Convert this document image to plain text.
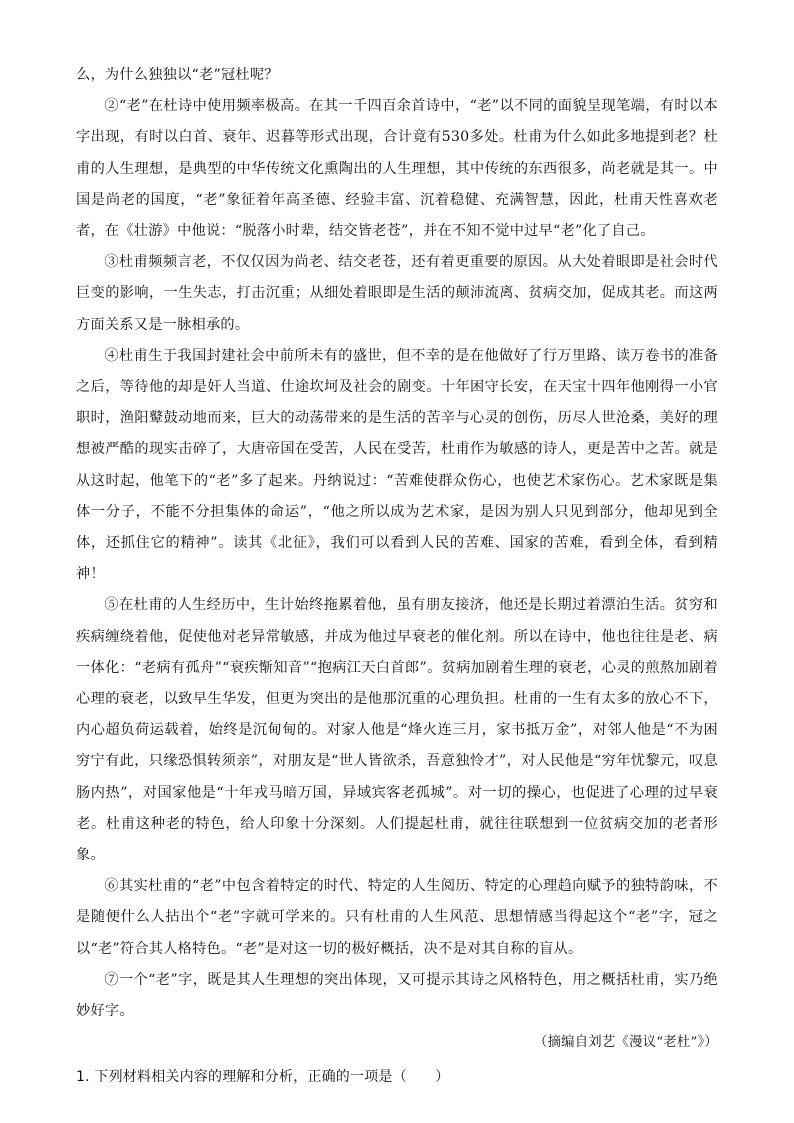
么，为什么独独以“老”冠杜呢？

②“老”在杜诗中使用频率极高。在其一千四百余首诗中，“老”以不同的面貌呈现笔端，有时以本字出现，有时以白首、衰年、迟暮等形式出现，合计竟有530多处。杜甫为什么如此多地提到老？杜甫的人生理想，是典型的中华传统文化熏陶出的人生理想，其中传统的东西很多，尚老就是其一。中国是尚老的国度，“老”象征着年高圣德、经验丰富、沉着稳健、充满智慧，因此，杜甫天性喜欢老者，在《壮游》中他说：“脱落小时辈，结交皆老苍”，并在不知不觉中过早“老”化了自己。

③杜甫频频言老，不仅仅因为尚老、结交老苍，还有着更重要的原因。从大处着眼即是社会时代巨变的影响，一生失志，打击沉重；从细处着眼即是生活的颠沛流离、贫病交加，促成其老。而这两方面关系又是一脉相承的。

④杜甫生于我国封建社会中前所未有的盛世，但不幸的是在他做好了行万里路、读万卷书的准备之后，等待他的却是奸人当道、仕途坎坷及社会的剧变。十年困守长安，在天宝十四年他刚得一小官职时，渔阳鼙鼓动地而来，巨大的动荡带来的是生活的苦辛与心灵的创伤，历尽人世沧桑，美好的理想被严酷的现实击碎了，大唐帝国在受苦，人民在受苦，杜甫作为敏感的诗人，更是苦中之苦。就是从这时起，他笔下的“老”多了起来。丹纳说过：“苦难使群众伤心，也使艺术家伤心。艺术家既是集体一分子，不能不分担集体的命运”，“他之所以成为艺术家，是因为别人只见到部分，他却见到全体，还抓住它的精神”。读其《北征》，我们可以看到人民的苦难、国家的苦难，看到全体，看到精神！

⑤在杜甫的人生经历中，生计始终拖累着他，虽有朋友接济，他还是长期过着漂泊生活。贫穷和疾病缠绕着他，促使他对老异常敏感，并成为他过早衰老的催化剂。所以在诗中，他也往往是老、病一体化：“老病有孤舟”“衰疾惭知音”“抱病江天白首郎”。贫病加剧着生理的衰老，心灵的煎熬加剧着心理的衰老，以致早生华发，但更为突出的是他那沉重的心理负担。杜甫的一生有太多的放心不下，内心超负荷运载着，始终是沉甸甸的。对家人他是“烽火连三月，家书抵万金”，对邻人他是“不为困穷宁有此，只缘恐惧转须亲”，对朋友是“世人皆欲杀，吾意独怜才”，对人民他是“穷年忧黎元，叹息肠内热”，对国家他是“十年戎马暗万国，异域宾客老孤城”。对一切的操心，也促进了心理的过早衰老。杜甫这种老的特色，给人印象十分深刻。人们提起杜甫，就往往联想到一位贫病交加的老者形象。

⑥其实杜甫的“老”中包含着特定的时代、特定的人生阅历、特定的心理趋向赋予的独特韵味，不是随便什么人拈出个“老”字就可学来的。只有杜甫的人生风范、思想情感当得起这个“老”字，冠之以“老”符合其人格特色。“老”是对这一切的极好概括，决不是对其自称的盲从。

⑦一个“老”字，既是其人生理想的突出体现，又可提示其诗之风格特色，用之概括杜甫，实乃绝妙好字。

（摘编自刘艺《漫议“老杜”》）

1. 下列材料相关内容的理解和分析，正确的一项是（　　）
